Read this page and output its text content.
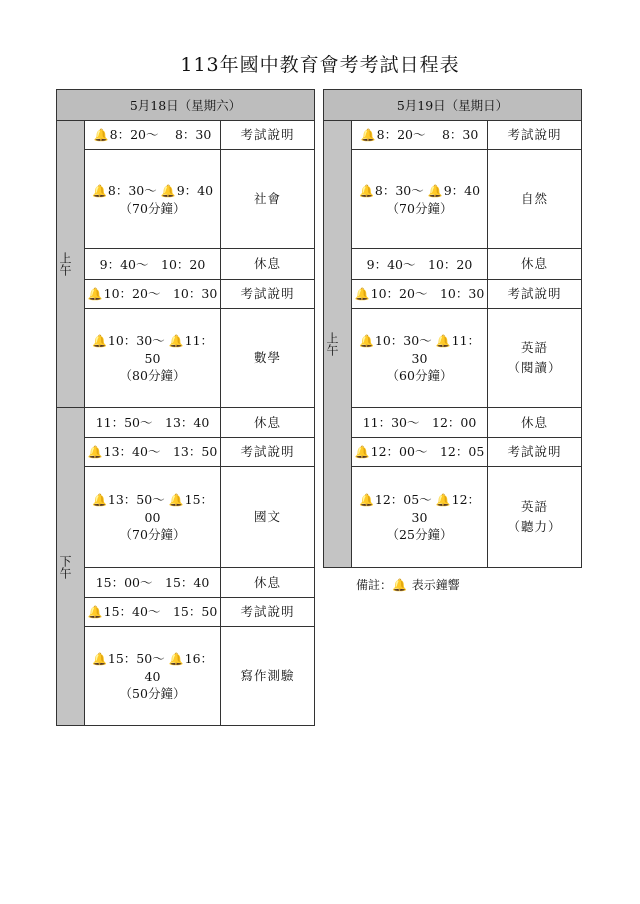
113年國中教育會考考試日程表
5月18日（星期六）		

上午	🔔8：20～　 8：30	考試說明
	🔔8：30～ 🔔9：40
（70分鐘）	社會
	9：40～　10：20	休息
	🔔10：20～　10：30	考試說明
	🔔10：30～ 🔔11：50
（80分鐘）	數學

下午	11：50～　13：40	休息
	🔔13：40～　13：50	考試說明
	🔔13：50～ 🔔15：00
（70分鐘）	國文
	15：00～　15：40	休息
	🔔15：40～　15：50	考試說明
	🔔15：50～ 🔔16：40
（50分鐘）	寫作測驗
5月19日（星期日）		

上午	🔔8：20～　 8：30	考試說明
	🔔8：30～ 🔔9：40
（70分鐘）	自然
	9：40～　10：20	休息
	🔔10：20～　10：30	考試說明
	🔔10：30～ 🔔11：30
（60分鐘）	英語
（閱讀）

	11：30～　12：00	休息
	🔔12：00～　12：05	考試說明
	🔔12：05～ 🔔12：30
（25分鐘）	英語
（聽力）
備註：🔔 表示鐘響
